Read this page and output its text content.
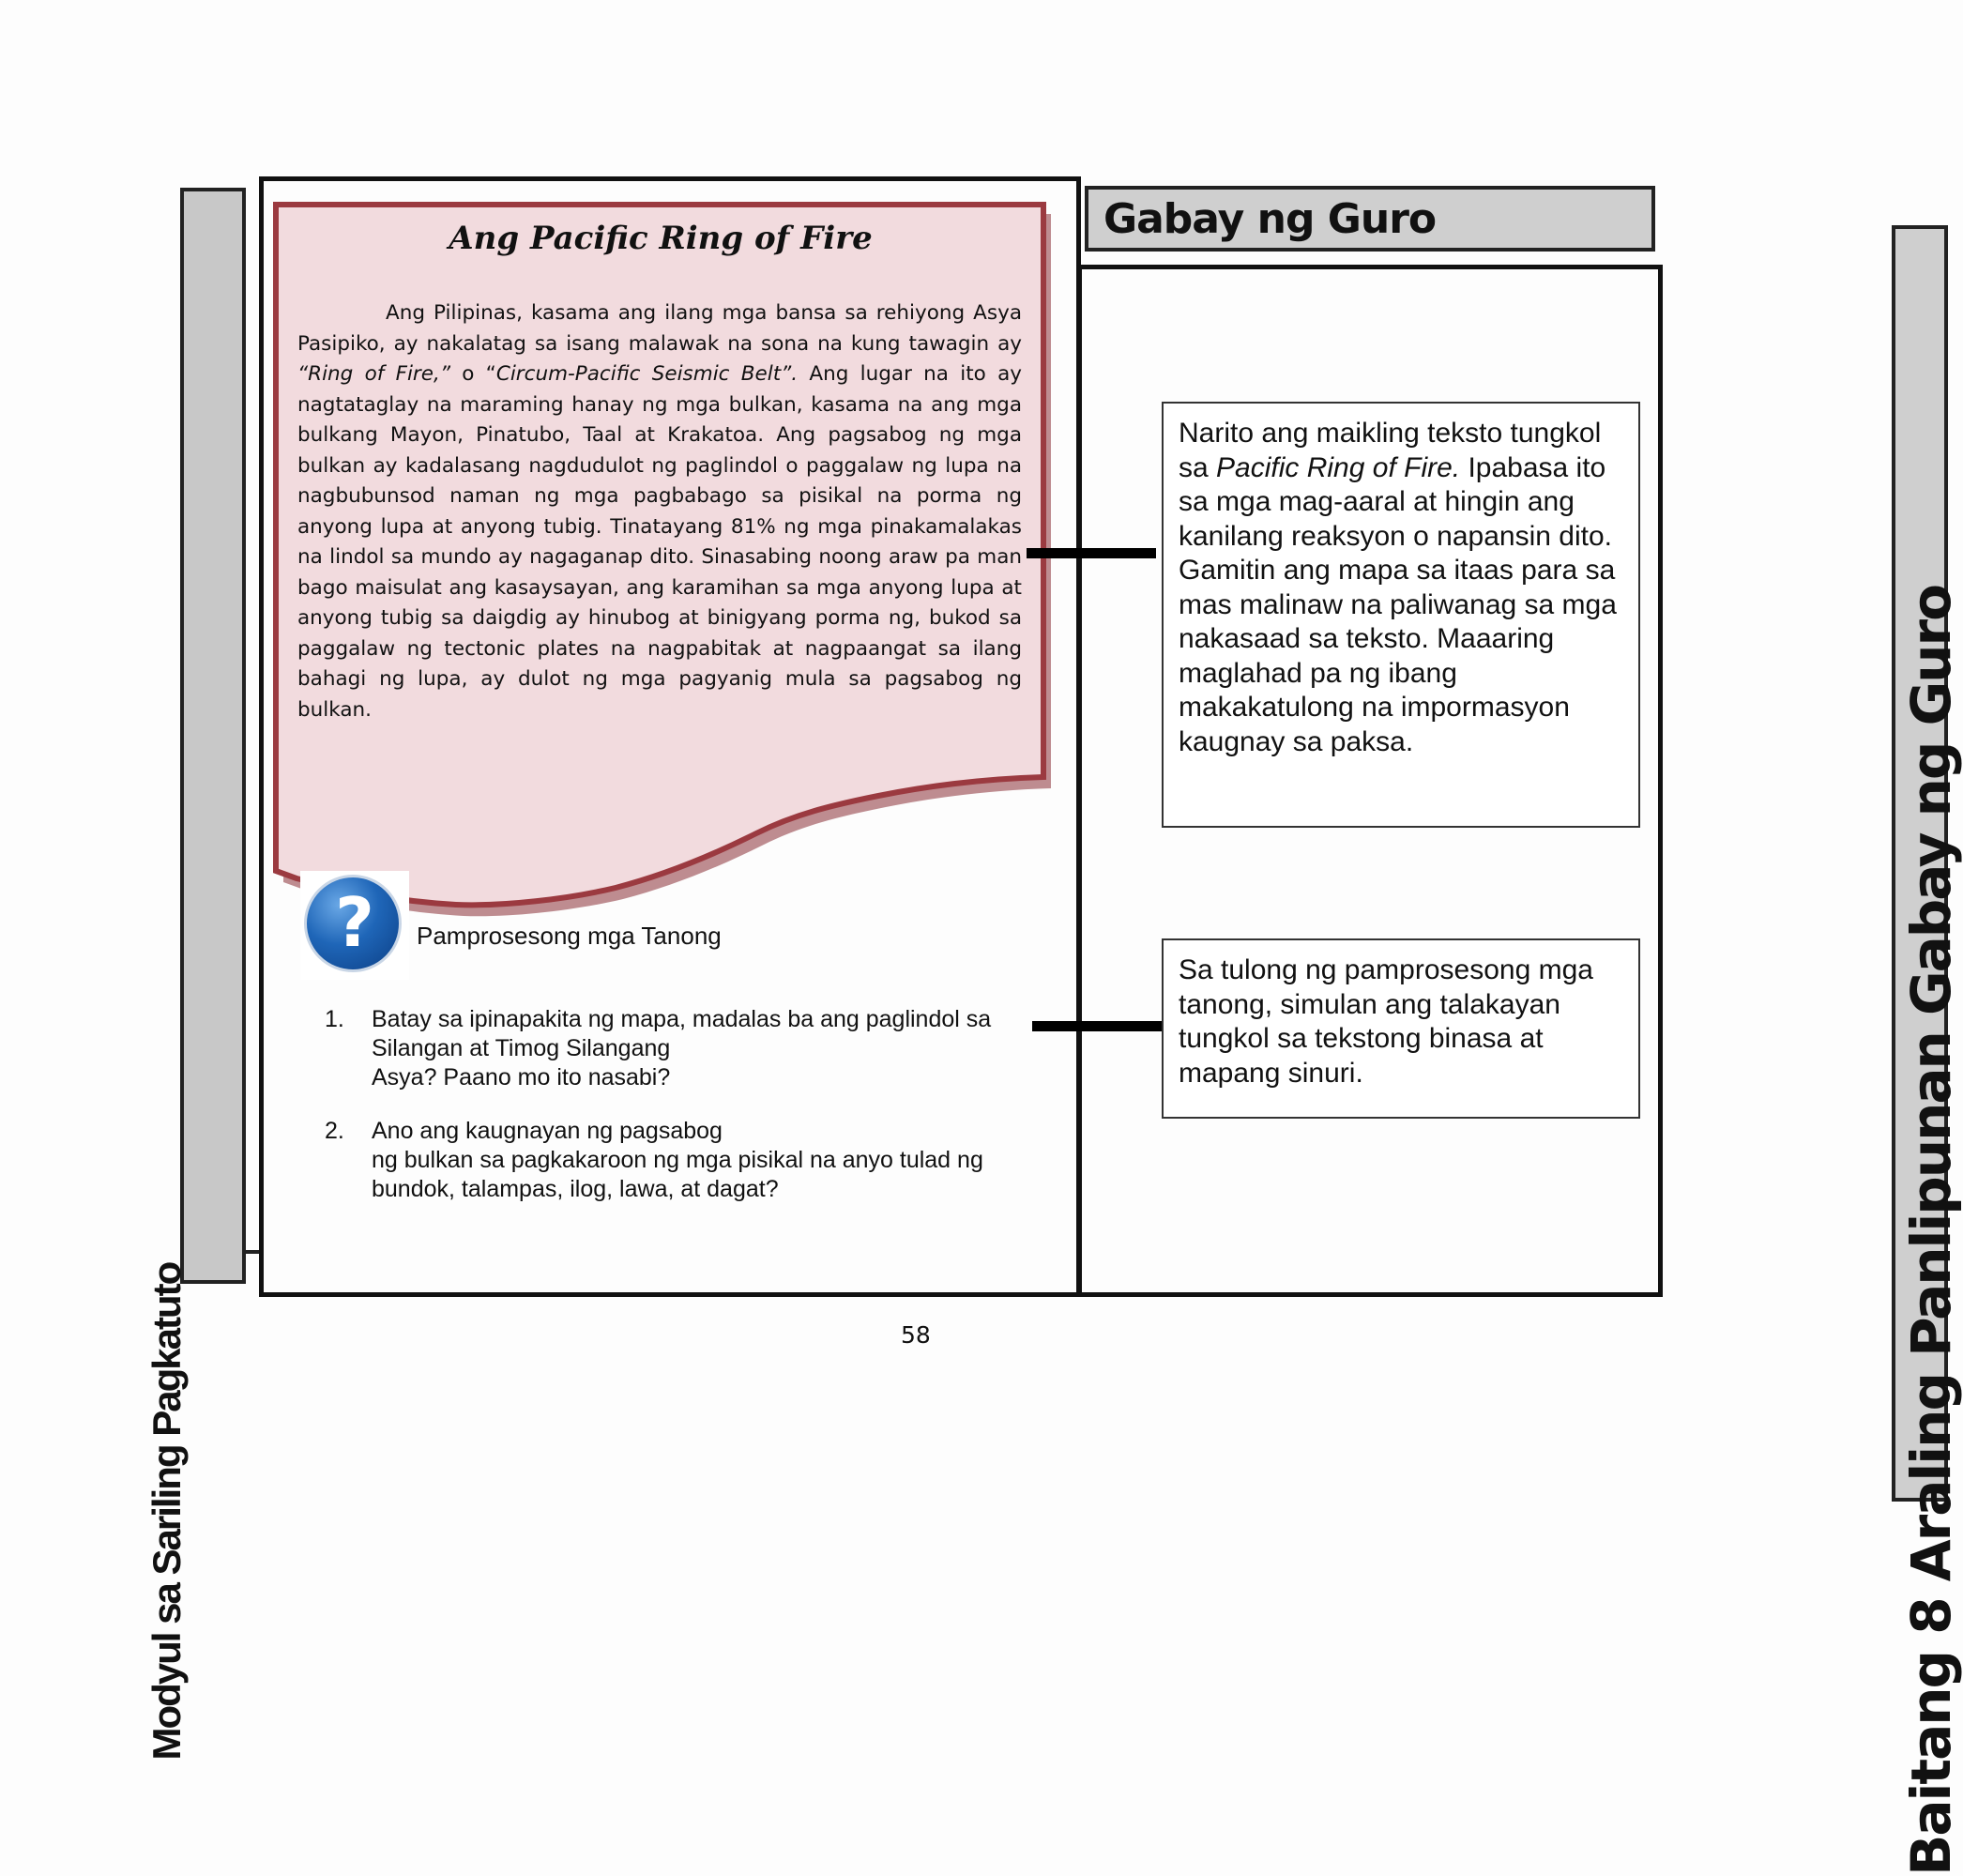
Modyul sa Sariling Pagkatuto
Ang Pacific Ring of Fire
Ang Pilipinas, kasama ang ilang mga bansa sa rehiyong Asya Pasipiko, ay nakalatag sa isang malawak na sona na kung tawagin ay “Ring of Fire,” o “Circum-Pacific Seismic Belt”. Ang lugar na ito ay nagtataglay na maraming hanay ng mga bulkan, kasama na ang mga bulkang Mayon, Pinatubo, Taal at Krakatoa. Ang pagsabog ng mga bulkan ay kadalasang nagdudulot ng paglindol o paggalaw ng lupa na nagbubunsod naman ng mga pagbabago sa pisikal na porma ng anyong lupa at anyong tubig. Tinatayang 81% ng mga pinakamalakas na lindol sa mundo ay nagaganap dito. Sinasabing noong araw pa man bago maisulat ang kasaysayan, ang karamihan sa mga anyong lupa at anyong tubig sa daigdig ay hinubog at binigyang porma ng, bukod sa paggalaw ng tectonic plates na nagpabitak at nagpaangat sa ilang bahagi ng lupa, ay dulot ng mga pagyanig mula sa pagsabog ng bulkan.
?	Pamprosesong mga Tanong
1. Batay sa ipinapakita ng mapa, madalas ba ang paglindol sa
Silangan at Timog Silangang
Asya? Paano mo ito nasabi?
2. Ano ang kaugnayan ng pagsabog
ng bulkan sa pagkakaroon ng mga pisikal na anyo tulad ng
bundok, talampas, ilog, lawa, at dagat?
Gabay ng Guro
Narito ang maikling teksto tungkol sa Pacific Ring of Fire. Ipabasa ito sa mga mag-aaral at hingin ang kanilang reaksyon o napansin dito. Gamitin ang mapa sa itaas para sa mas malinaw na paliwanag sa mga nakasaad sa teksto. Maaaring maglahad pa ng ibang makakatulong na impormasyon kaugnay sa paksa.
Sa tulong ng pamprosesong mga tanong, simulan ang talakayan tungkol sa tekstong binasa at mapang sinuri.
58	Baitang 8 Araling Panlipunan Gabay ng Guro
